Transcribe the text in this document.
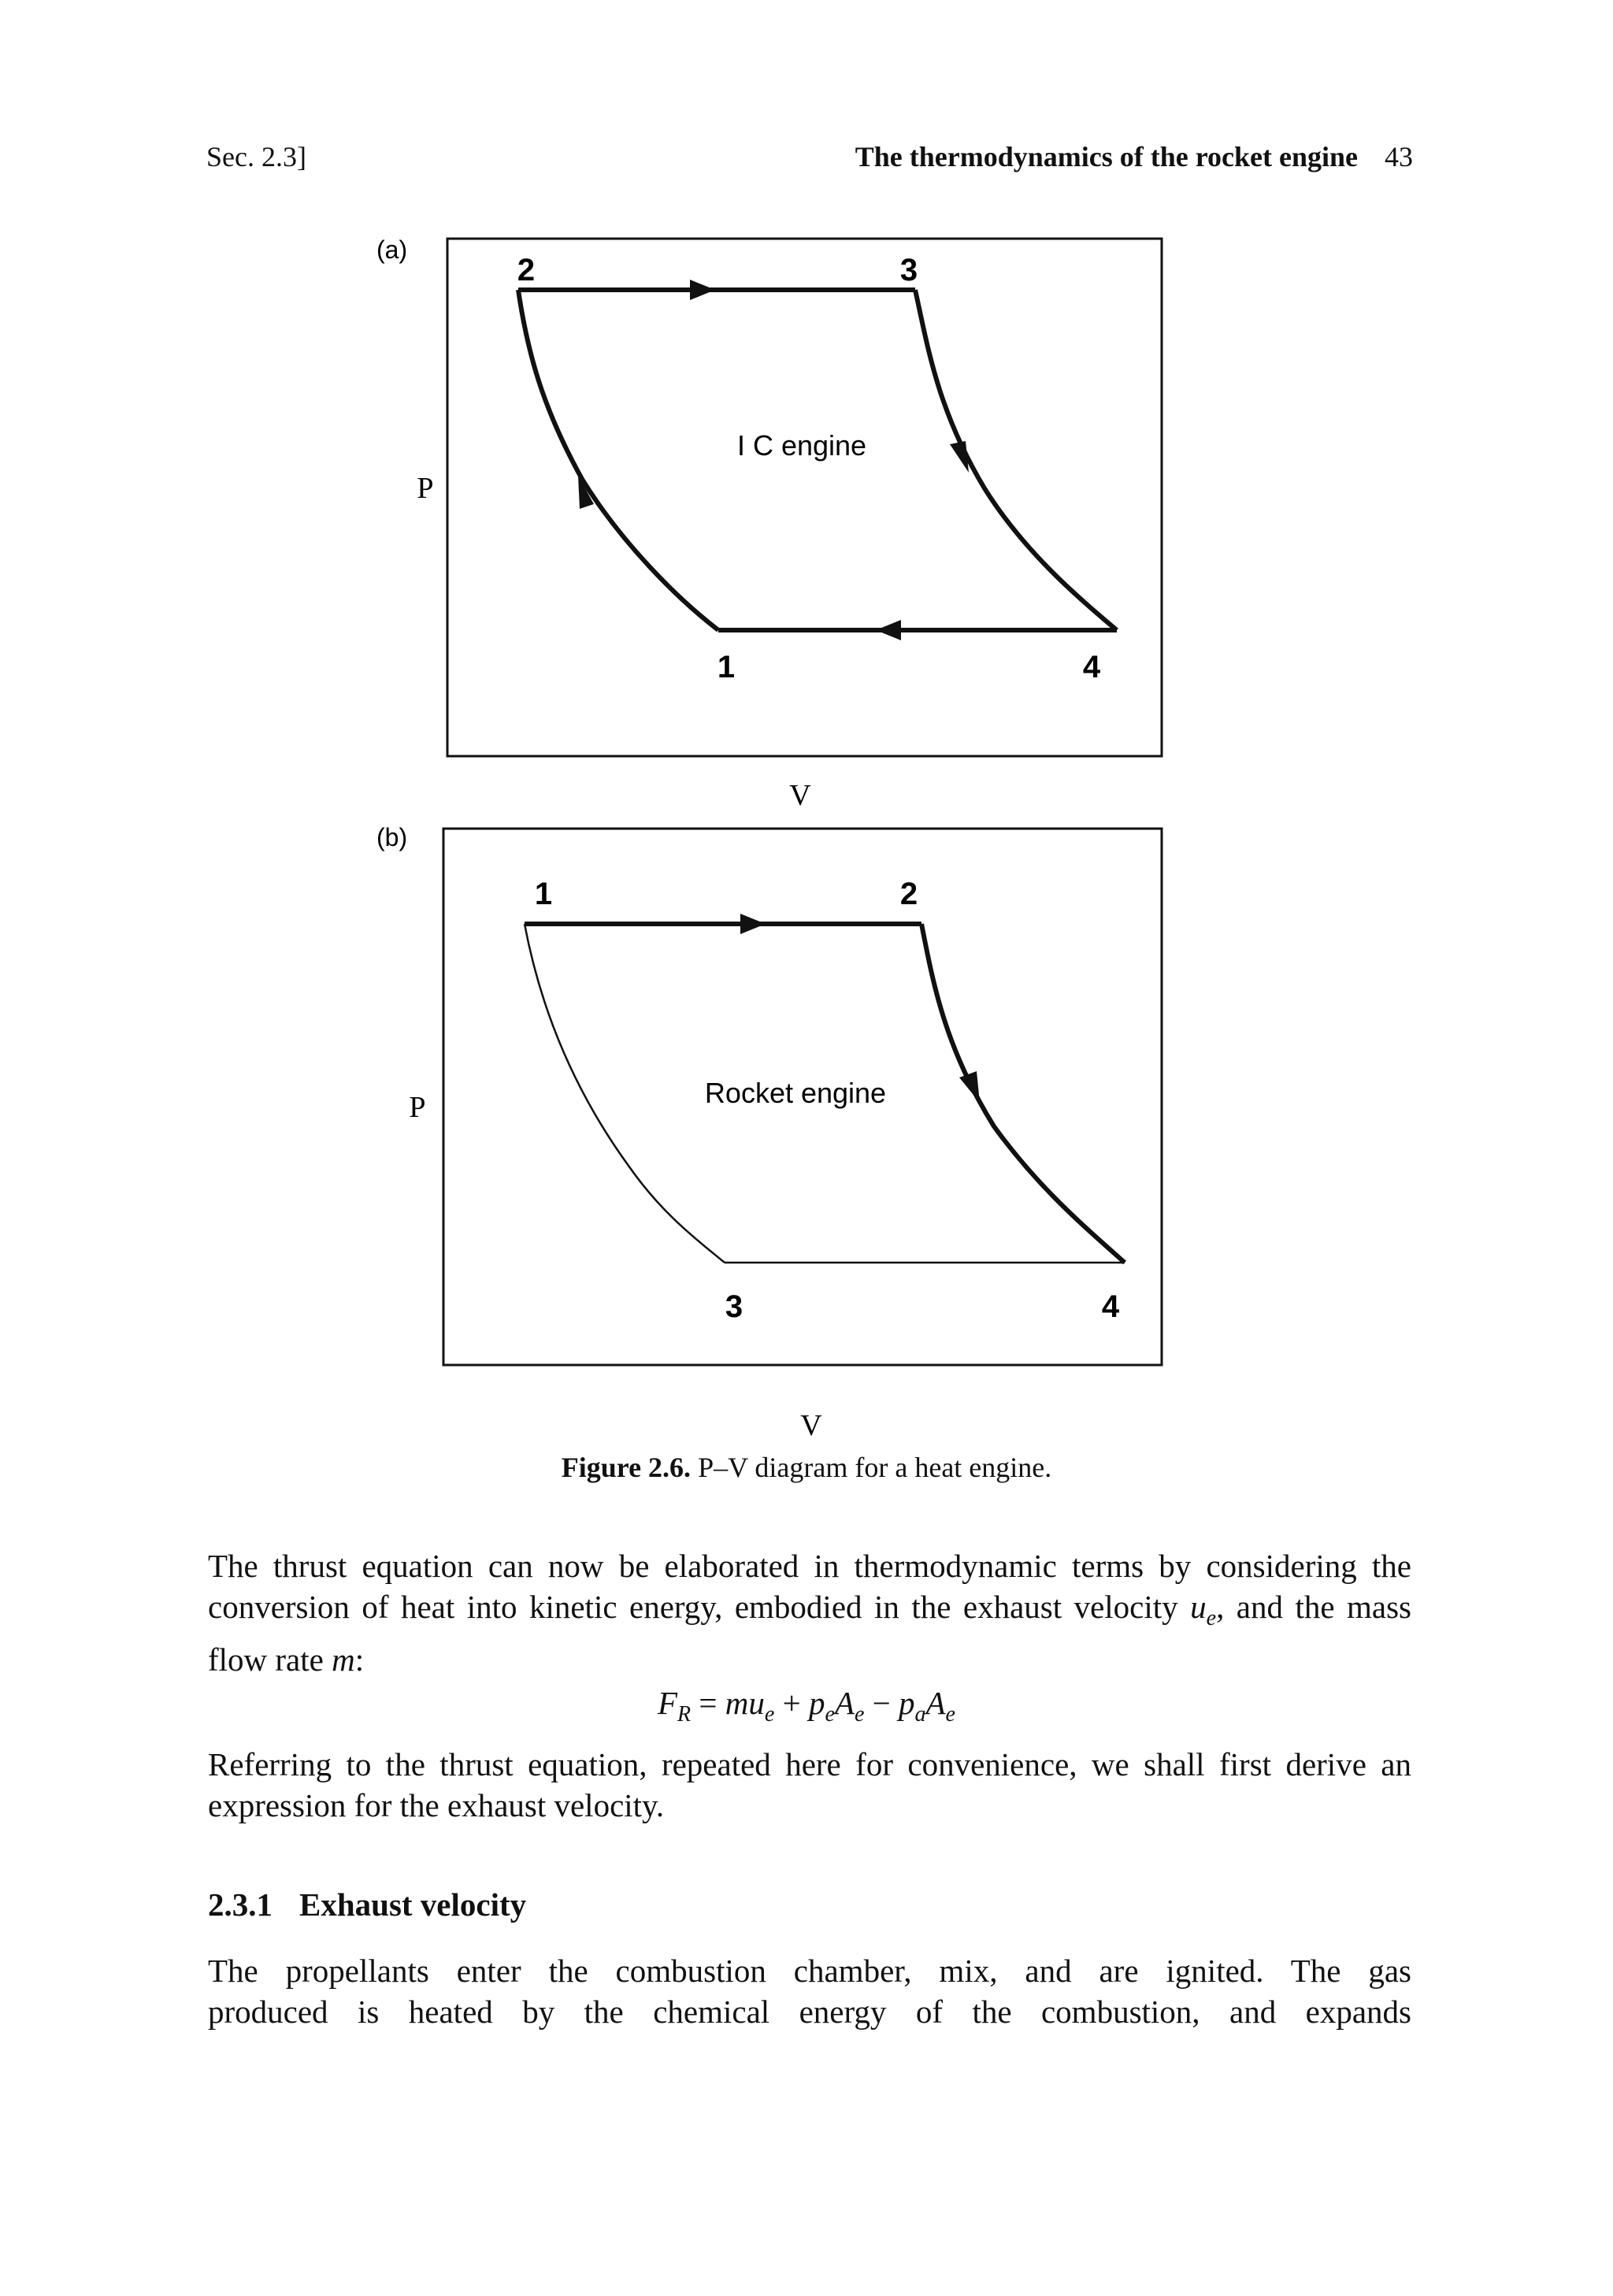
Sec. 2.3]	The thermodynamics of the rocket engine 43
(a)
P
V
I C engine
2	3
1	4
(b)
P
V
Rocket engine
1	2
3	4
Figure 2.6. P–V diagram for a heat engine.
The thrust equation can now be elaborated in thermodynamic terms by considering the conversion of heat into kinetic energy, embodied in the exhaust velocity $u_e$, and the mass flow rate m:
$F_R = mu_e + p_eA_e - p_aA_e$
Referring to the thrust equation, repeated here for convenience, we shall first derive an expression for the exhaust velocity.
2.3.1 Exhaust velocity
The propellants enter the combustion chamber, mix, and are ignited. The gas
produced is heated by the chemical energy of the combustion, and expands
